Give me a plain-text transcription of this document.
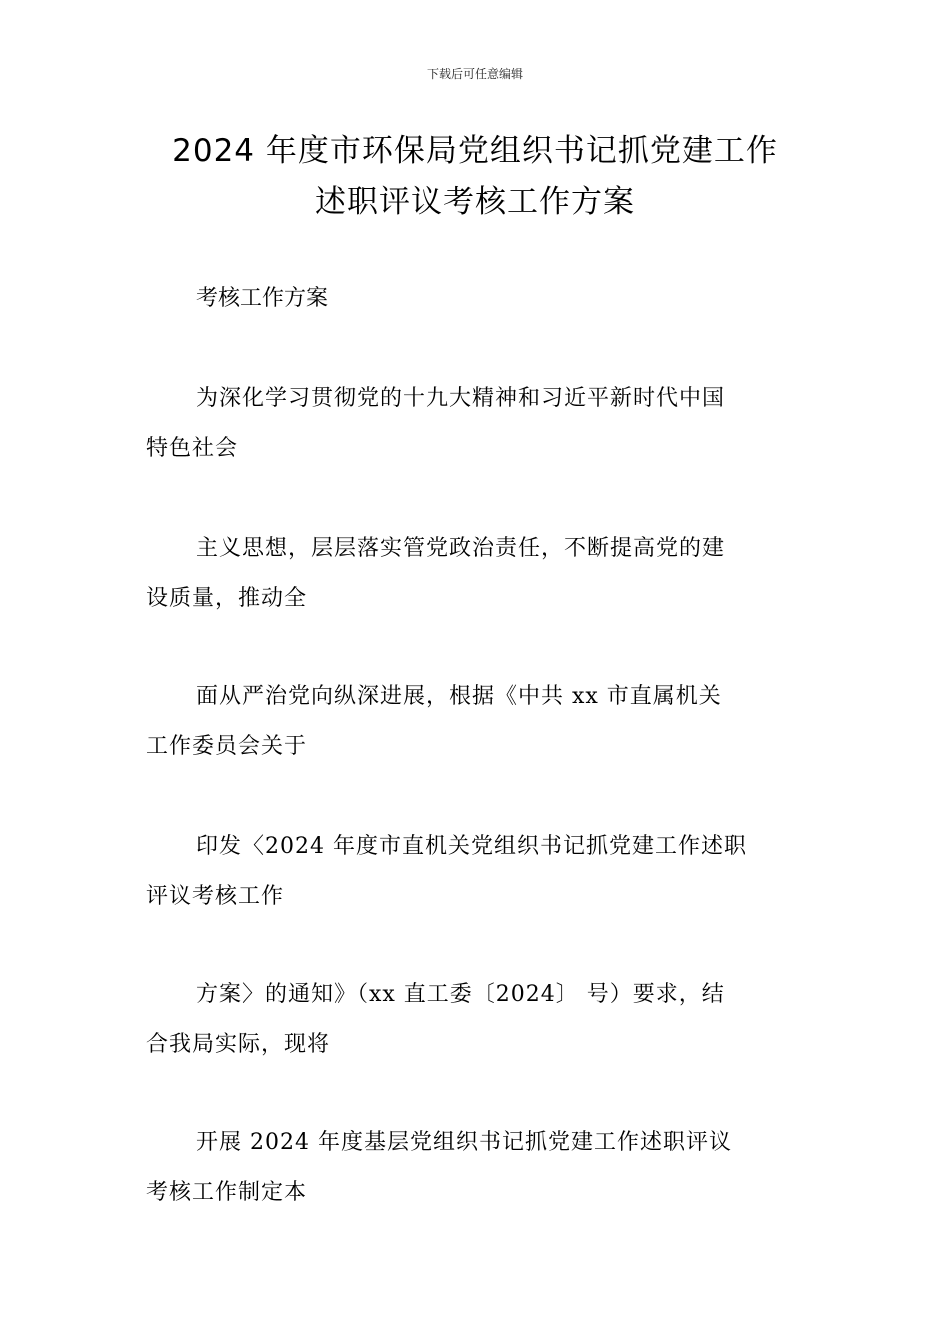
下载后可任意编辑
2024 年度市环保局党组织书记抓党建工作
述职评议考核工作方案
考核工作方案
为深化学习贯彻党的十九大精神和习近平新时代中国
特色社会
主义思想，层层落实管党政治责任，不断提高党的建
设质量，推动全
面从严治党向纵深进展，根据《中共 xx 市直属机关
工作委员会关于
印发〈2024 年度市直机关党组织书记抓党建工作述职
评议考核工作
方案〉的通知》（xx 直工委〔2024〕 号）要求，结
合我局实际，现将
开展 2024 年度基层党组织书记抓党建工作述职评议
考核工作制定本
